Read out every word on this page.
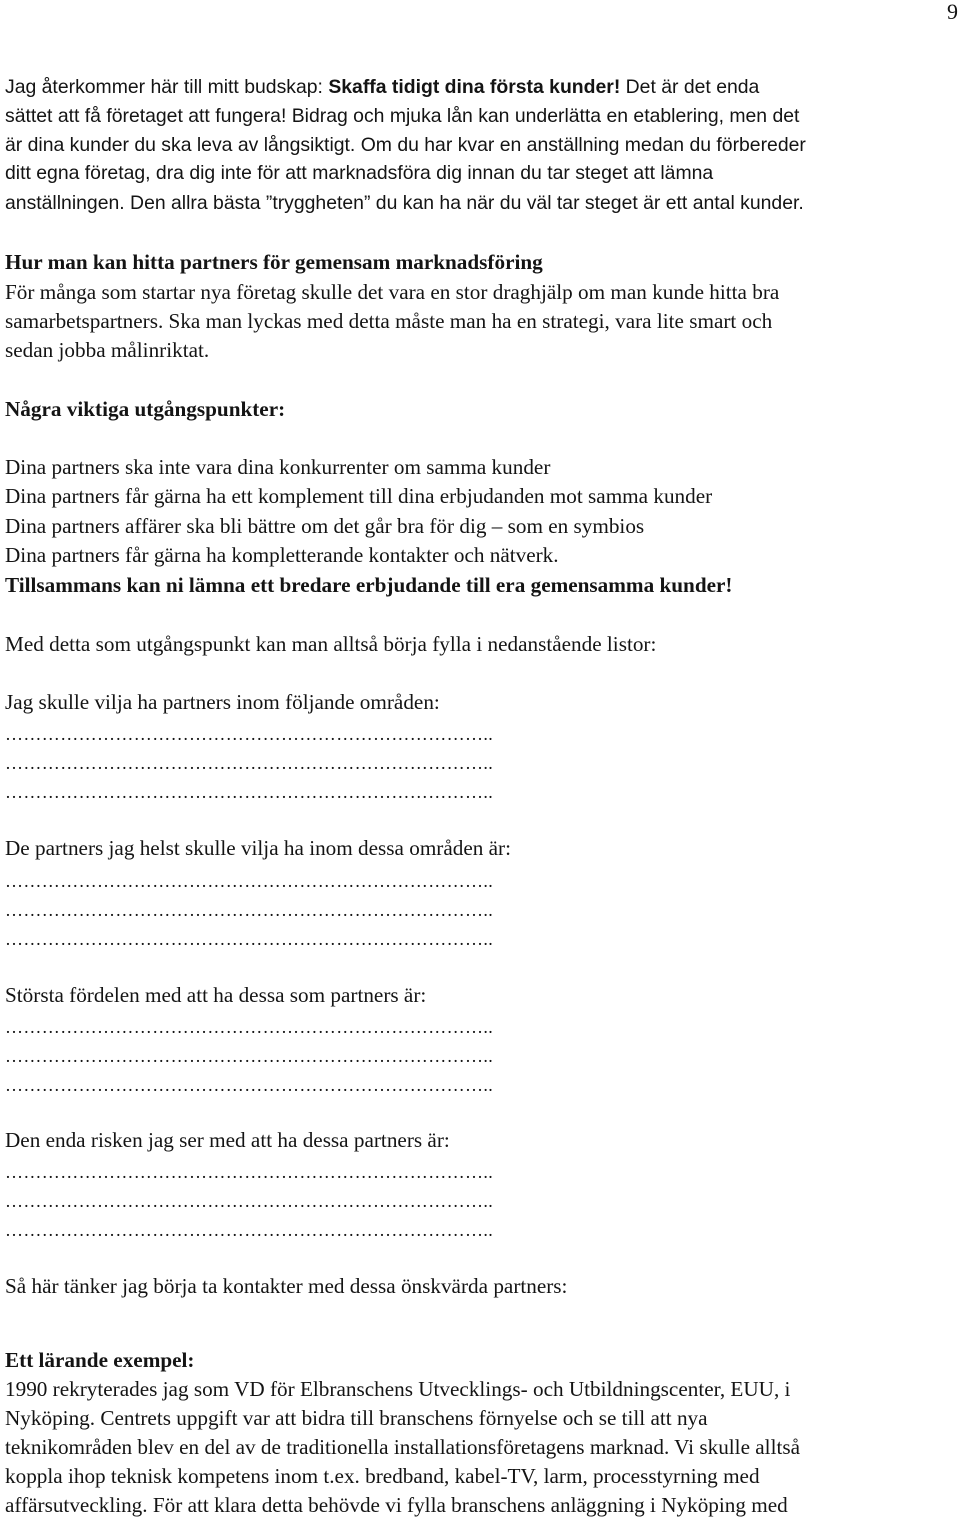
9
Jag återkommer här till mitt budskap: Skaffa tidigt dina första kunder! Det är det enda
sättet att få företaget att fungera! Bidrag och mjuka lån kan underlätta en etablering, men det
är dina kunder du ska leva av långsiktigt. Om du har kvar en anställning medan du förbereder
ditt egna företag, dra dig inte för att marknadsföra dig innan du tar steget att lämna
anställningen. Den allra bästa ”tryggheten” du kan ha när du väl tar steget är ett antal kunder.
Hur man kan hitta partners för gemensam marknadsföring
För många som startar nya företag skulle det vara en stor draghjälp om man kunde hitta bra
samarbetspartners. Ska man lyckas med detta måste man ha en strategi, vara lite smart och
sedan jobba målinriktat.
Några viktiga utgångspunkter:
Dina partners ska inte vara dina konkurrenter om samma kunder
Dina partners får gärna ha ett komplement till dina erbjudanden mot samma kunder
Dina partners affärer ska bli bättre om det går bra för dig – som en symbios
Dina partners får gärna ha kompletterande kontakter och nätverk.
Tillsammans kan ni lämna ett bredare erbjudande till era gemensamma kunder!
Med detta som utgångspunkt kan man alltså börja fylla i nedanstående listor:
Jag skulle vilja ha partners inom följande områden:
……………………………………………………………………..
……………………………………………………………………..
……………………………………………………………………..
De partners jag helst skulle vilja ha inom dessa områden är:
……………………………………………………………………..
……………………………………………………………………..
……………………………………………………………………..
Största fördelen med att ha dessa som partners är:
……………………………………………………………………..
……………………………………………………………………..
……………………………………………………………………..
Den enda risken jag ser med att ha dessa partners är:
……………………………………………………………………..
……………………………………………………………………..
……………………………………………………………………..
Så här tänker jag börja ta kontakter med dessa önskvärda partners:
Ett lärande exempel:
1990 rekryterades jag som VD för Elbranschens Utvecklings- och Utbildningscenter, EUU, i
Nyköping. Centrets uppgift var att bidra till branschens förnyelse och se till att nya
teknikområden blev en del av de traditionella installationsföretagens marknad. Vi skulle alltså
koppla ihop teknisk kompetens inom t.ex. bredband, kabel-TV, larm, processtyrning med
affärsutveckling. För att klara detta behövde vi fylla branschens anläggning i Nyköping med
